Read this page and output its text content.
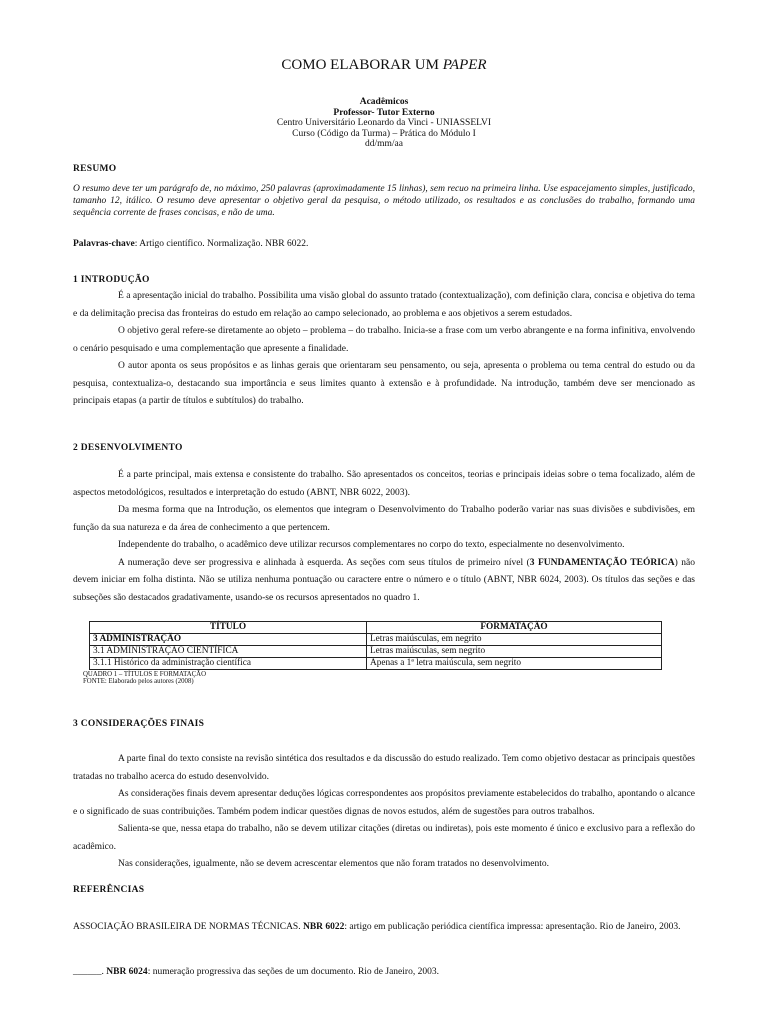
COMO ELABORAR UM PAPER
Acadêmicos
Professor- Tutor Externo
Centro Universitário Leonardo da Vinci - UNIASSELVI
Curso (Código da Turma) – Prática do Módulo I
dd/mm/aa
RESUMO
O resumo deve ter um parágrafo de, no máximo, 250 palavras (aproximadamente 15 linhas), sem recuo na primeira linha. Use espacejamento simples, justificado, tamanho 12, itálico. O resumo deve apresentar o objetivo geral da pesquisa, o método utilizado, os resultados e as conclusões do trabalho, formando uma sequência corrente de frases concisas, e não de uma.
Palavras-chave: Artigo científico. Normalização. NBR 6022.
1 INTRODUÇÃO

É a apresentação inicial do trabalho. Possibilita uma visão global do assunto tratado (contextualização), com definição clara, concisa e objetiva do tema e da delimitação precisa das fronteiras do estudo em relação ao campo selecionado, ao problema e aos objetivos a serem estudados.

O objetivo geral refere-se diretamente ao objeto – problema – do trabalho. Inicia-se a frase com um verbo abrangente e na forma infinitiva, envolvendo o cenário pesquisado e uma complementação que apresente a finalidade.

O autor aponta os seus propósitos e as linhas gerais que orientaram seu pensamento, ou seja, apresenta o problema ou tema central do estudo ou da pesquisa, contextualiza-o, destacando sua importância e seus limites quanto à extensão e à profundidade. Na introdução, também deve ser mencionado as principais etapas (a partir de títulos e subtítulos) do trabalho.

2 DESENVOLVIMENTO

É a parte principal, mais extensa e consistente do trabalho. São apresentados os conceitos, teorias e principais ideias sobre o tema focalizado, além de aspectos metodológicos, resultados e interpretação do estudo (ABNT, NBR 6022, 2003).

Da mesma forma que na Introdução, os elementos que integram o Desenvolvimento do Trabalho poderão variar nas suas divisões e subdivisões, em função da sua natureza e da área de conhecimento a que pertencem.

Independente do trabalho, o acadêmico deve utilizar recursos complementares no corpo do texto, especialmente no desenvolvimento.

A numeração deve ser progressiva e alinhada à esquerda. As seções com seus títulos de primeiro nível (3 FUNDAMENTAÇÃO TEÓRICA) não devem iniciar em folha distinta. Não se utiliza nenhuma pontuação ou caractere entre o número e o título (ABNT, NBR 6024, 2003). Os títulos das seções e das subseções são destacados gradativamente, usando-se os recursos apresentados no quadro 1.

TÍTULO	FORMATAÇÃO
3 ADMINISTRAÇÃO	Letras maiúsculas, em negrito
3.1 ADMINISTRAÇÃO CIENTÍFICA	Letras maiúsculas, sem negrito
3.1.1 Histórico da administração científica	Apenas a 1ª letra maiúscula, sem negrito
QUADRO 1 – TÍTULOS E FORMATAÇÃO
FONTE: Elaborado pelos autores (2008)
3 CONSIDERAÇÕES FINAIS

A parte final do texto consiste na revisão sintética dos resultados e da discussão do estudo realizado. Tem como objetivo destacar as principais questões tratadas no trabalho acerca do estudo desenvolvido.

As considerações finais devem apresentar deduções lógicas correspondentes aos propósitos previamente estabelecidos do trabalho, apontando o alcance e o significado de suas contribuições. Também podem indicar questões dignas de novos estudos, além de sugestões para outros trabalhos.

Salienta-se que, nessa etapa do trabalho, não se devem utilizar citações (diretas ou indiretas), pois este momento é único e exclusivo para a reflexão do acadêmico.

Nas considerações, igualmente, não se devem acrescentar elementos que não foram tratados no desenvolvimento.

REFERÊNCIAS
ASSOCIAÇÃO BRASILEIRA DE NORMAS TÉCNICAS. NBR 6022: artigo em publicação periódica científica impressa: apresentação. Rio de Janeiro, 2003.
______. NBR 6024: numeração progressiva das seções de um documento. Rio de Janeiro, 2003.
